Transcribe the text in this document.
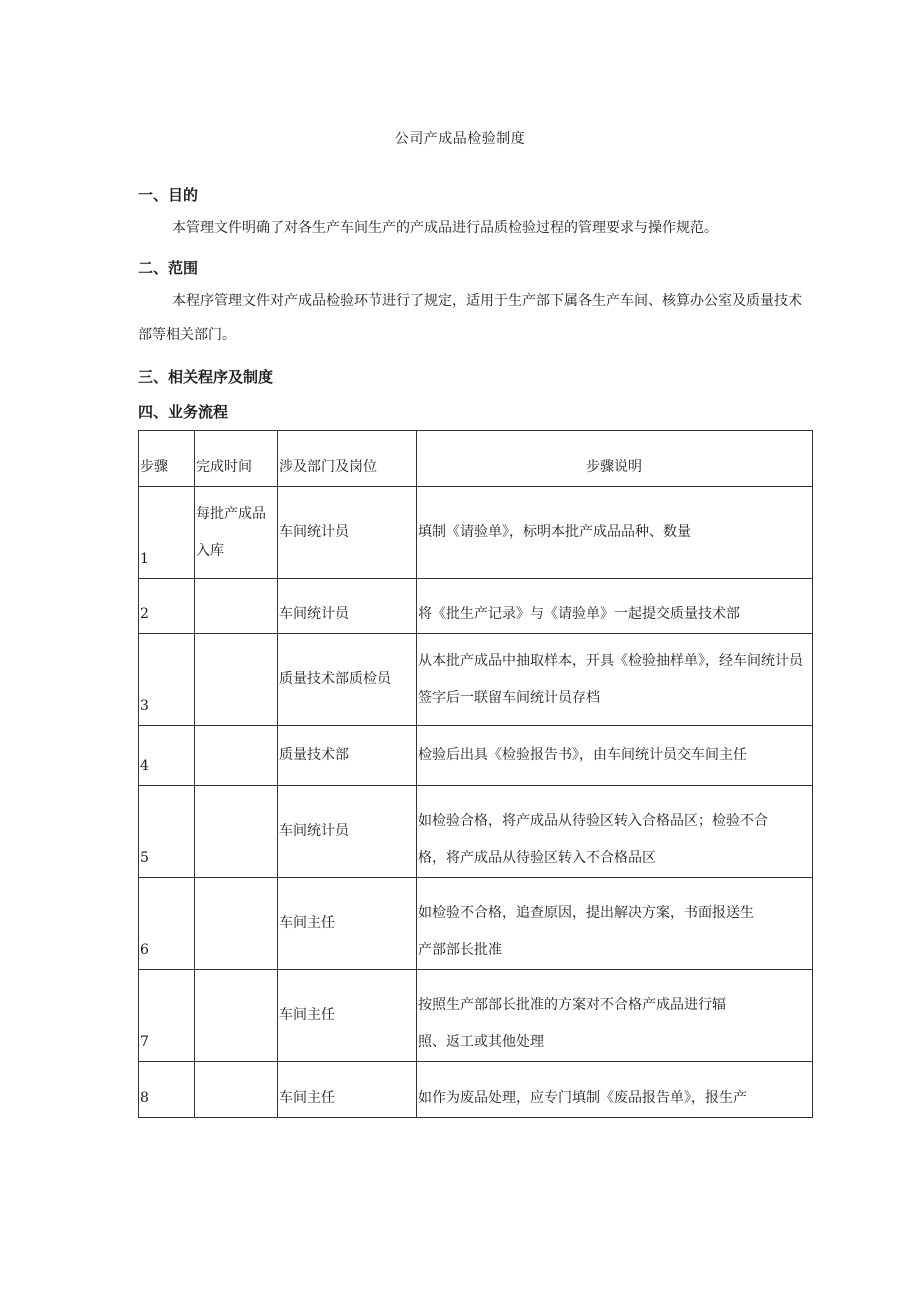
公司产成品检验制度
一、目的
本管理文件明确了对各生产车间生产的产成品进行品质检验过程的管理要求与操作规范。
二、范围
本程序管理文件对产成品检验环节进行了规定，适用于生产部下属各生产车间、核算办公室及质量技术部等相关部门。
三、相关程序及制度
四、业务流程
步骤	完成时间	涉及部门及岗位	步骤说明
1	每批产成品入库	车间统计员	填制《请验单》，标明本批产成品品种、数量
2		车间统计员	将《批生产记录》与《请验单》一起提交质量技术部
3		质量技术部质检员	从本批产成品中抽取样本，开具《检验抽样单》，经车间统计员签字后一联留车间统计员存档
4		质量技术部	检验后出具《检验报告书》，由车间统计员交车间主任
5		车间统计员	如检验合格，将产成品从待验区转入合格品区；检验不合格，将产成品从待验区转入不合格品区
6		车间主任	如检验不合格，追查原因，提出解决方案，书面报送生产部部长批准
7		车间主任	按照生产部部长批准的方案对不合格产成品进行辐照、返工或其他处理
8		车间主任	如作为废品处理，应专门填制《废品报告单》，报生产
